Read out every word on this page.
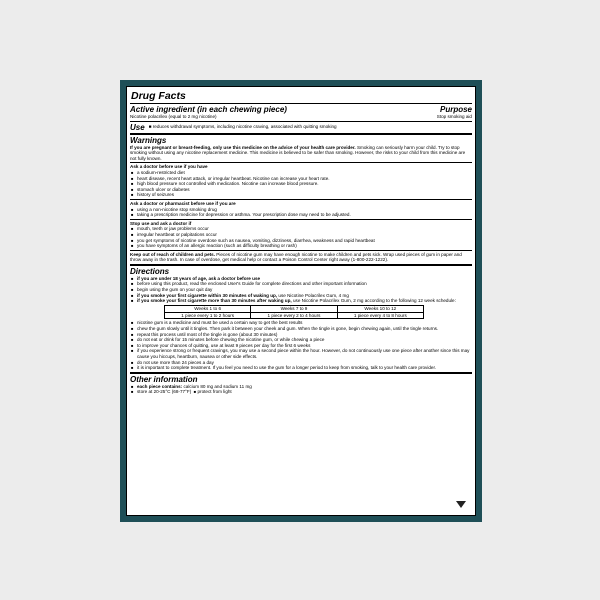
Drug Facts
Active ingredient (in each chewing piece)	Purpose
Nicotine polacrilex (equal to 2 mg nicotine)	Stop smoking aid
Use ■ reduces withdrawal symptoms, including nicotine craving, associated with quitting smoking
Warnings
If you are pregnant or breast-feeding, only use this medicine on the advice of your health care provider. Smoking can seriously harm your child. Try to stop smoking without using any nicotine replacement medicine. This medicine is believed to be safer than smoking. However, the risks to your child from this medicine are not fully known.
Ask a doctor before use if you have
■ a sodium-restricted diet
■ heart disease, recent heart attack, or irregular heartbeat. Nicotine can increase your heart rate.
■ high blood pressure not controlled with medication. Nicotine can increase blood pressure.
■ stomach ulcer or diabetes
■ history of seizures
Ask a doctor or pharmacist before use if you are
■ using a non-nicotine stop smoking drug
■ taking a prescription medicine for depression or asthma. Your prescription dose may need to be adjusted.
Stop use and ask a doctor if
■ mouth, teeth or jaw problems occur
■ irregular heartbeat or palpitations occur
■ you get symptoms of nicotine overdose such as nausea, vomiting, dizziness, diarrhea, weakness and rapid heartbeat
■ you have symptoms of an allergic reaction (such as difficulty breathing or rash)
Keep out of reach of children and pets. Pieces of nicotine gum may have enough nicotine to make children and pets sick. Wrap used pieces of gum in paper and throw away in the trash. In case of overdose, get medical help or contact a Poison Control Center right away (1-800-222-1222).
Directions
■ if you are under 18 years of age, ask a doctor before use
■ before using this product, read the enclosed User's Guide for complete directions and other important information
■ begin using the gum on your quit day
■ if you smoke your first cigarette within 30 minutes of waking up, use Nicotine Polacrilex Gum, 4 mg
■ if you smoke your first cigarette more than 30 minutes after waking up, use Nicotine Polacrilex Gum, 2 mg according to the following 12 week schedule:
Weeks 1 to 6	Weeks 7 to 9	Weeks 10 to 12
1 piece every 1 to 2 hours	1 piece every 2 to 4 hours	1 piece every 4 to 8 hours
■ nicotine gum is a medicine and must be used a certain way to get the best results
■ chew the gum slowly until it tingles. Then park it between your cheek and gum. When the tingle is gone, begin chewing again, until the tingle returns.
■ repeat this process until most of the tingle is gone (about 30 minutes)
■ do not eat or drink for 15 minutes before chewing the nicotine gum, or while chewing a piece
■ to improve your chances of quitting, use at least 9 pieces per day for the first 6 weeks
■ if you experience strong or frequent cravings, you may use a second piece within the hour. However, do not continuously use one piece after another since this may cause you hiccups, heartburn, nausea or other side effects.
■ do not use more than 24 pieces a day
■ it is important to complete treatment. If you feel you need to use the gum for a longer period to keep from smoking, talk to your health care provider.
Other information
■ each piece contains: calcium 80 mg and sodium 11 mg
■ store at 20-25°C (68-77°F) ■ protect from light
